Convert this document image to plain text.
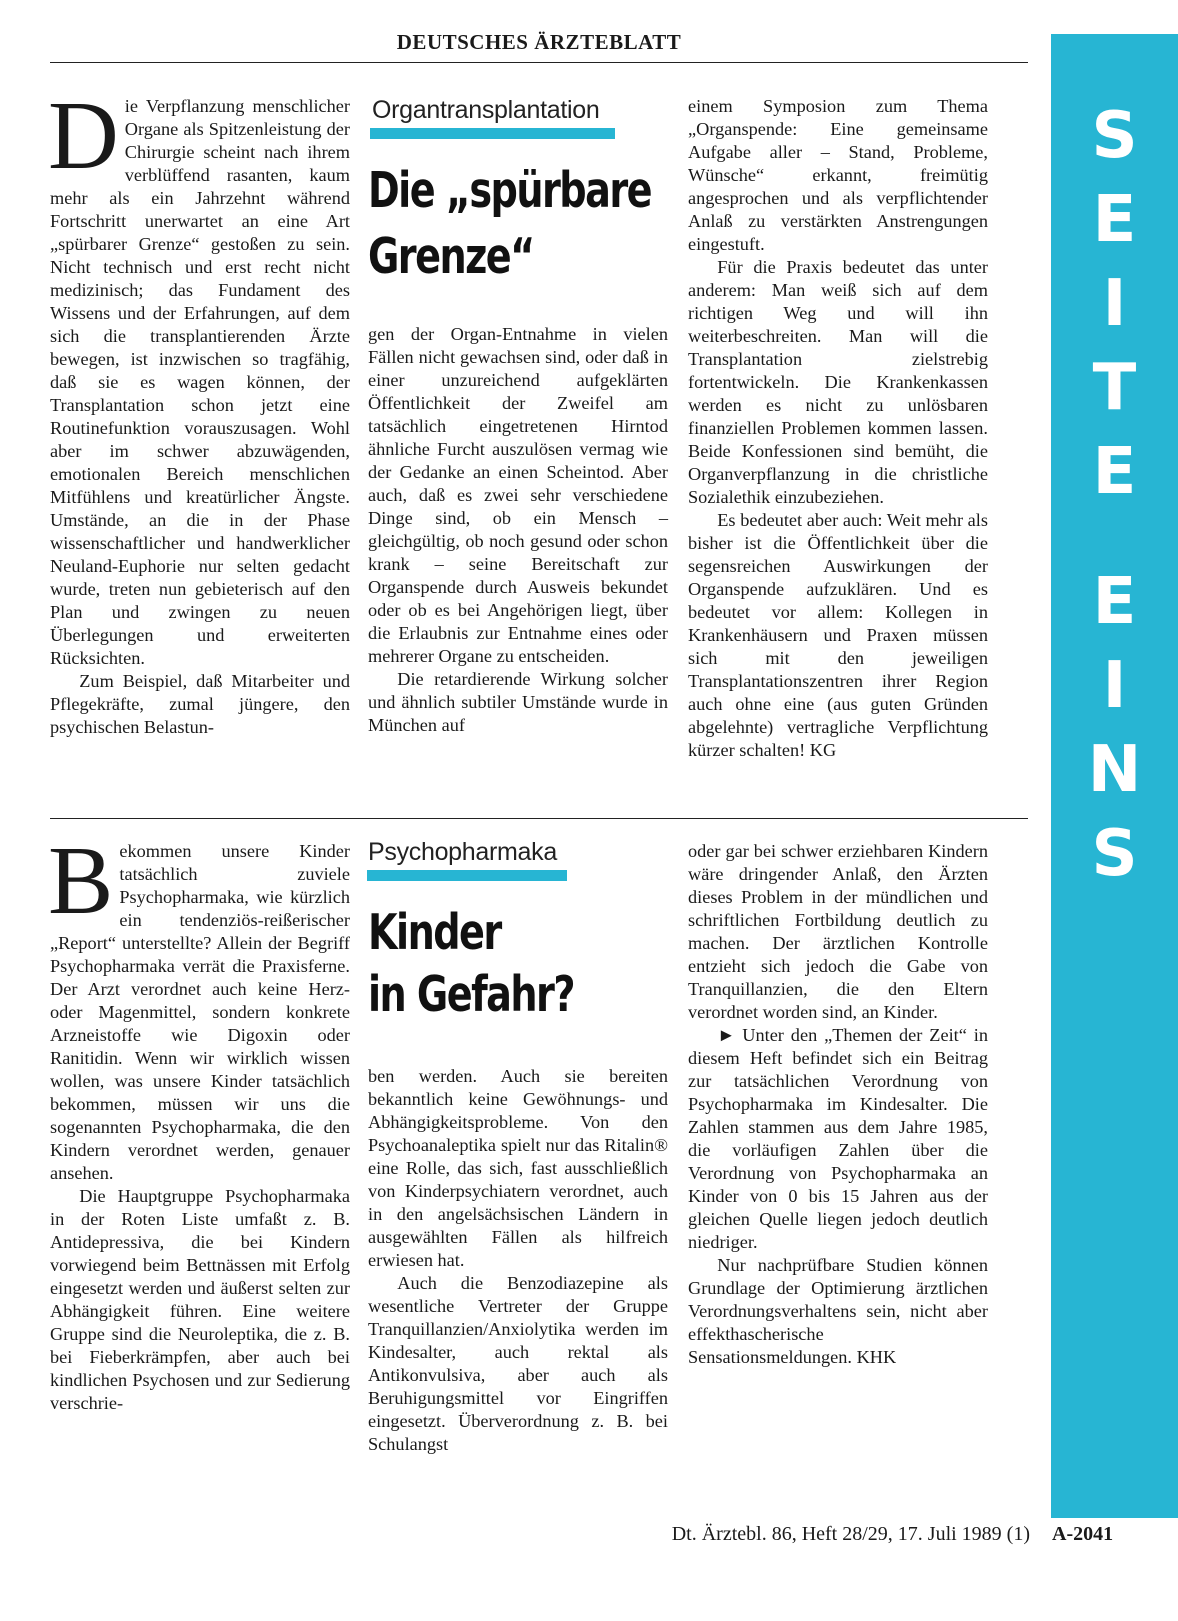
DEUTSCHES ÄRZTEBLATT
S
E
I
T
E
E
I
N
S

Die Verpflanzung menschlicher Organe als Spitzenleistung der Chirurgie scheint nach ihrem verblüffend rasanten, kaum mehr als ein Jahrzehnt während Fortschritt unerwartet an eine Art „spürbarer Grenze“ gestoßen zu sein. Nicht technisch und erst recht nicht medizinisch; das Fundament des Wissens und der Erfahrungen, auf dem sich die transplantierenden Ärzte bewegen, ist inzwischen so tragfähig, daß sie es wagen können, der Transplantation schon jetzt eine Routinefunktion vorauszusagen. Wohl aber im schwer abzuwägenden, emotionalen Bereich menschlichen Mitfühlens und kreatürlicher Ängste. Umstände, an die in der Phase wissenschaftlicher und handwerklicher Neuland-Euphorie nur selten gedacht wurde, treten nun gebieterisch auf den Plan und zwingen zu neuen Überlegungen und erweiterten Rücksichten.

Zum Beispiel, daß Mitarbeiter und Pflegekräfte, zumal jüngere, den psychischen Belastun-

Organtransplantation
Die „spürbare
Grenze“

gen der Organ-Entnahme in vielen Fällen nicht gewachsen sind, oder daß in einer unzureichend aufgeklärten Öffentlichkeit der Zweifel am tatsächlich eingetretenen Hirntod ähnliche Furcht auszulösen vermag wie der Gedanke an einen Scheintod. Aber auch, daß es zwei sehr verschiedene Dinge sind, ob ein Mensch – gleichgültig, ob noch gesund oder schon krank – seine Bereitschaft zur Organspende durch Ausweis bekundet oder ob es bei Angehörigen liegt, über die Erlaubnis zur Entnahme eines oder mehrerer Organe zu entscheiden.

Die retardierende Wirkung solcher und ähnlich subtiler Umstände wurde in München auf

einem Symposion zum Thema „Organspende: Eine gemeinsame Aufgabe aller – Stand, Probleme, Wünsche“ erkannt, freimütig angesprochen und als verpflichtender Anlaß zu verstärkten Anstrengungen eingestuft.

Für die Praxis bedeutet das unter anderem: Man weiß sich auf dem richtigen Weg und will ihn weiterbeschreiten. Man will die Transplantation zielstrebig fortentwickeln. Die Krankenkassen werden es nicht zu unlösbaren finanziellen Problemen kommen lassen. Beide Konfessionen sind bemüht, die Organverpflanzung in die christliche Sozialethik einzubeziehen.

Es bedeutet aber auch: Weit mehr als bisher ist die Öffentlichkeit über die segensreichen Auswirkungen der Organspende aufzuklären. Und es bedeutet vor allem: Kollegen in Krankenhäusern und Praxen müssen sich mit den jeweiligen Transplantationszentren ihrer Region auch ohne eine (aus guten Gründen abgelehnte) vertragliche Verpflichtung kürzer schalten! KG

Bekommen unsere Kinder tatsächlich zuviele Psychopharmaka, wie kürzlich ein tendenziös-reißerischer „Report“ unterstellte? Allein der Begriff Psychopharmaka verrät die Praxisferne. Der Arzt verordnet auch keine Herz- oder Magenmittel, sondern konkrete Arzneistoffe wie Digoxin oder Ranitidin. Wenn wir wirklich wissen wollen, was unsere Kinder tatsächlich bekommen, müssen wir uns die sogenannten Psychopharmaka, die den Kindern verordnet werden, genauer ansehen.

Die Hauptgruppe Psychopharmaka in der Roten Liste umfaßt z. B. Antidepressiva, die bei Kindern vorwiegend beim Bettnässen mit Erfolg eingesetzt werden und äußerst selten zur Abhängigkeit führen. Eine weitere Gruppe sind die Neuroleptika, die z. B. bei Fieberkrämpfen, aber auch bei kindlichen Psychosen und zur Sedierung verschrie-

Psychopharmaka
Kinder
in Gefahr?

ben werden. Auch sie bereiten bekanntlich keine Gewöhnungs- und Abhängigkeitsprobleme. Von den Psychoanaleptika spielt nur das Ritalin® eine Rolle, das sich, fast ausschließlich von Kinderpsychiatern verordnet, auch in den angelsächsischen Ländern in ausgewählten Fällen als hilfreich erwiesen hat.

Auch die Benzodiazepine als wesentliche Vertreter der Gruppe Tranquillanzien/Anxiolytika werden im Kindesalter, auch rektal als Antikonvulsiva, aber auch als Beruhigungsmittel vor Eingriffen eingesetzt. Überverordnung z. B. bei Schulangst

oder gar bei schwer erziehbaren Kindern wäre dringender Anlaß, den Ärzten dieses Problem in der mündlichen und schriftlichen Fortbildung deutlich zu machen. Der ärztlichen Kontrolle entzieht sich jedoch die Gabe von Tranquillanzien, die den Eltern verordnet worden sind, an Kinder.

► Unter den „Themen der Zeit“ in diesem Heft befindet sich ein Beitrag zur tatsächlichen Verordnung von Psychopharmaka im Kindesalter. Die Zahlen stammen aus dem Jahre 1985, die vorläufigen Zahlen über die Verordnung von Psychopharmaka an Kinder von 0 bis 15 Jahren aus der gleichen Quelle liegen jedoch deutlich niedriger.

Nur nachprüfbare Studien können Grundlage der Optimierung ärztlichen Verordnungsverhaltens sein, nicht aber effekthascherische Sensationsmeldungen. KHK

Dt. Ärztebl. 86, Heft 28/29, 17. Juli 1989 (1) A-2041
